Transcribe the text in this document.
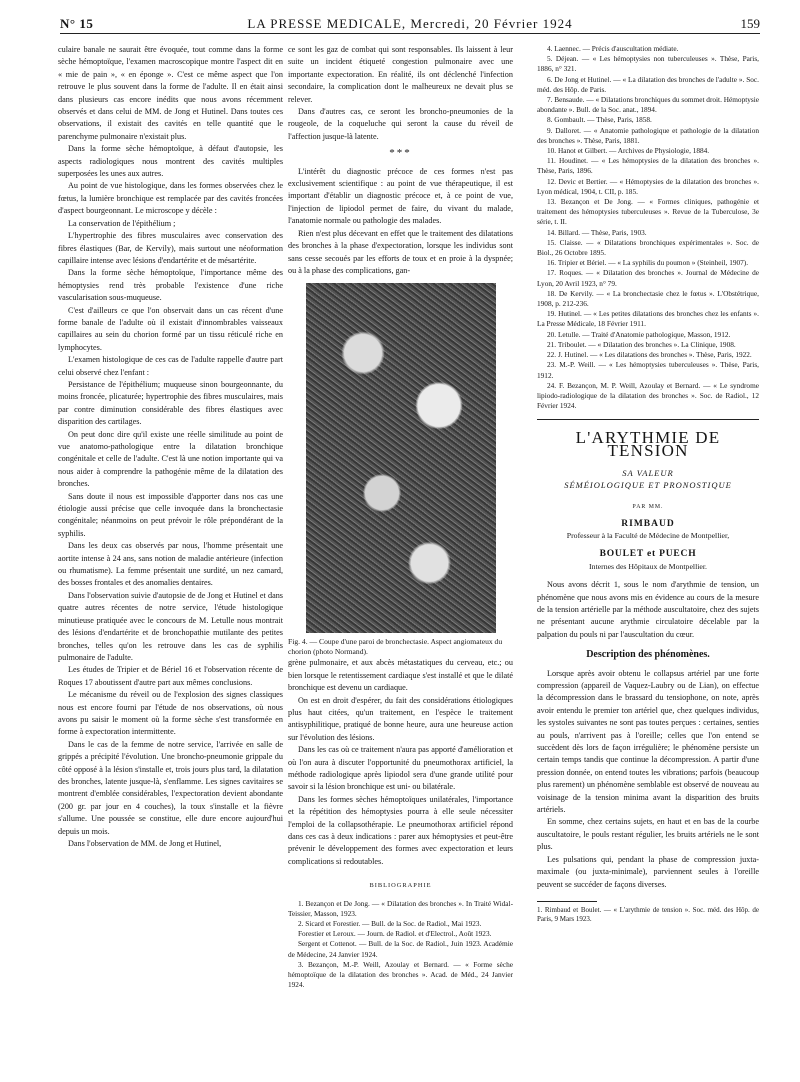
N° 15	LA PRESSE MEDICALE, Mercredi, 20 Février 1924	159

culaire banale ne saurait être évoquée, tout comme dans la forme sèche hémoptoïque, l'examen macroscopique montre l'aspect dit en « mie de pain », « en éponge ». C'est ce même aspect que l'on retrouve le plus souvent dans la forme de l'adulte. Il en était ainsi dans plusieurs cas encore inédits que nous avons récemment observés et dans celui de MM. de Jong et Hutinel. Dans toutes ces observations, il existait des cavités en telle quantité que le parenchyme pulmonaire n'existait plus.

Dans la forme sèche hémoptoïque, à défaut d'autopsie, les aspects radiologiques nous montrent des cavités multiples superposées les unes aux autres.

Au point de vue histologique, dans les formes observées chez le fœtus, la lumière bronchique est remplacée par des cavités froncées d'aspect bourgeonnant. Le microscope y décèle :

La conservation de l'épithélium ;

L'hypertrophie des fibres musculaires avec conservation des fibres élastiques (Bar, de Kervily), mais surtout une néoformation capillaire intense avec lésions d'endartérite et de mésartérite.

Dans la forme sèche hémoptoïque, l'importance même des hémoptysies rend très probable l'existence d'une riche vascularisation sous-muqueuse.

C'est d'ailleurs ce que l'on observait dans un cas récent d'une forme banale de l'adulte où il existait d'innombrables vaisseaux capillaires au sein du chorion formé par un tissu réticulé riche en lymphocytes.

L'examen histologique de ces cas de l'adulte rappelle d'autre part celui observé chez l'enfant :

Persistance de l'épithélium; muqueuse sinon bourgeonnante, du moins froncée, plicaturée; hypertrophie des fibres musculaires, mais par contre diminution considérable des fibres élastiques avec disparition des cartilages.

On peut donc dire qu'il existe une réelle similitude au point de vue anatomo-pathologique entre la dilatation bronchique congénitale et celle de l'adulte. C'est là une notion importante qui va nous aider à comprendre la pathogénie même de la dilatation des bronches.

Sans doute il nous est impossible d'apporter dans nos cas une étiologie aussi précise que celle invoquée dans la bronchectasie congénitale; néanmoins on peut prévoir le rôle prépondérant de la syphilis.

Dans les deux cas observés par nous, l'homme présentait une aortite intense à 24 ans, sans notion de maladie antérieure (infection ou rhumatisme). La femme présentait une surdité, un nez camard, des bosses frontales et des anomalies dentaires.

Dans l'observation suivie d'autopsie de de Jong et Hutinel et dans quatre autres récentes de notre service, l'étude histologique minutieuse pratiquée avec le concours de M. Letulle nous montrait des lésions d'endartérite et de bronchopathie mutilante des petites bronches, telles qu'on les retrouve dans les cas de syphilis pulmonaire de l'adulte.

Les études de Tripier et de Bériel 16 et l'observation récente de Roques 17 aboutissent d'autre part aux mêmes conclusions.

Le mécanisme du réveil ou de l'explosion des signes classiques nous est encore fourni par l'étude de nos observations, où nous avons pu saisir le moment où la forme sèche s'est transformée en forme à expectoration intermittente.

Dans le cas de la femme de notre service, l'arrivée en salle de grippés a précipité l'évolution. Une broncho-pneumonie grippale du côté opposé à la lésion s'installe et, trois jours plus tard, la dilatation des bronches, latente jusque-là, s'enflamme. Les signes cavitaires se montrent d'emblée considérables, l'expectoration devient abondante (200 gr. par jour en 4 couches), la toux s'installe et la fièvre s'allume. Une poussée se constitue, elle dure encore aujourd'hui depuis un mois.

Dans l'observation de MM. de Jong et Hutinel,

ce sont les gaz de combat qui sont responsables. Ils laissent à leur suite un incident étiqueté congestion pulmonaire avec une importante expectoration. En réalité, ils ont déclenché l'infection secondaire, la complication dont le malheureux ne devait plus se relever.

Dans d'autres cas, ce seront les broncho-pneumonies de la rougeole, de la coqueluche qui seront la cause du réveil de l'affection jusque-là latente.

***

L'intérêt du diagnostic précoce de ces formes n'est pas exclusivement scientifique : au point de vue thérapeutique, il est important d'établir un diagnostic précoce et, à ce point de vue, l'injection de lipiodol permet de faire, du vivant du malade, l'anatomie normale ou pathologie des malades.

Rien n'est plus décevant en effet que le traitement des dilatations des bronches à la phase d'expectoration, lorsque les individus sont sans cesse secoués par les efforts de toux et en proie à la dyspnée; ou à la phase des complications, gan-

Fig. 4. — Coupe d'une paroi de bronchectasie. Aspect angiomateux du chorion (photo Normand).

grène pulmonaire, et aux abcès métastatiques du cerveau, etc.; ou bien lorsque le retentissement cardiaque s'est installé et que le dilaté bronchique est devenu un cardiaque.

On est en droit d'espérer, du fait des considérations étiologiques plus haut citées, qu'un traitement, en l'espèce le traitement antisyphilitique, pratiqué de bonne heure, aura une heureuse action sur l'évolution des lésions.

Dans les cas où ce traitement n'aura pas apporté d'amélioration et où l'on aura à discuter l'opportunité du pneumothorax artificiel, la méthode radiologique après lipiodol sera d'une grande utilité pour savoir si la lésion bronchique est uni- ou bilatérale.

Dans les formes sèches hémoptoïques unilatérales, l'importance et la répétition des hémoptysies pourra à elle seule nécessiter l'emploi de la collapsothérapie. Le pneumothorax artificiel répond dans ces cas à deux indications : parer aux hémoptysies et peut-être prévenir le développement des formes avec expectoration et leurs complications si redoutables.

BIBLIOGRAPHIE
1. Bezançon et De Jong. — « Dilatation des bronches ». In Traité Widal-Teissier, Masson, 1923.
2. Sicard et Forestier. — Bull. de la Soc. de Radiol., Mai 1923.
Forestier et Leroux. — Journ. de Radiol. et d'Electrol., Août 1923.
Sergent et Cottenot. — Bull. de la Soc. de Radiol., Juin 1923. Académie de Médecine, 24 Janvier 1924.
3. Bezançon, M.-P. Weill, Azoulay et Bernard. — « Forme sèche hémoptoïque de la dilatation des bronches ». Acad. de Méd., 24 Janvier 1924.
4. Laennec. — Précis d'auscultation médiate.
5. Déjean. — « Les hémoptysies non tuberculeuses ». Thèse, Paris, 1886, n° 321.
6. De Jong et Hutinel. — « La dilatation des bronches de l'adulte ». Soc. méd. des Hôp. de Paris.
7. Bensaude. — « Dilatations bronchiques du sommet droit. Hémoptysie abondante ». Bull. de la Soc. anat., 1894.
8. Gombault. — Thèse, Paris, 1858.
9. Dalloret. — « Anatomie pathologique et pathologie de la dilatation des bronches ». Thèse, Paris, 1881.
10. Hanot et Gilbert. — Archives de Physiologie, 1884.
11. Houdinet. — « Les hémoptysies de la dilatation des bronches ». Thèse, Paris, 1896.
12. Devic et Bertier. — « Hémoptysies de la dilatation des bronches ». Lyon médical, 1904, t. CII, p. 185.
13. Bezançon et De Jong. — « Formes cliniques, pathogénie et traitement des hémoptysies tuberculeuses ». Revue de la Tuberculose, 3e série, t. II.
14. Billard. — Thèse, Paris, 1903.
15. Claisse. — « Dilatations bronchiques expérimentales ». Soc. de Biol., 26 Octobre 1895.
16. Tripier et Bériel. — « La syphilis du poumon » (Steinheil, 1907).
17. Roques. — « Dilatation des bronches ». Journal de Médecine de Lyon, 20 Avril 1923, n° 79.
18. De Kervily. — « La bronchectasie chez le fœtus ». L'Obstétrique, 1908, p. 212-236.
19. Hutinel. — « Les petites dilatations des bronches chez les enfants ». La Presse Médicale, 18 Février 1911.
20. Letulle. — Traité d'Anatomie pathologique, Masson, 1912.
21. Triboulet. — « Dilatation des bronches ». La Clinique, 1908.
22. J. Hutinel. — « Les dilatations des bronches ». Thèse, Paris, 1922.
23. M.-P. Weill. — « Les hémoptysies tuberculeuses ». Thèse, Paris, 1912.
24. F. Bezançon, M. P. Weill, Azoulay et Bernard. — « Le syndrome lipiodo-radiologique de la dilatation des bronches ». Soc. de Radiol., 12 Février 1924.
L'ARYTHMIE DE TENSION
SA VALEUR
SÉMÉIOLOGIQUE ET PRONOSTIQUE
PAR MM.
RIMBAUD
Professeur à la Faculté de Médecine de Montpellier,
BOULET et PUECH
Internes des Hôpitaux de Montpellier.

Nous avons décrit 1, sous le nom d'arythmie de tension, un phénomène que nous avons mis en évidence au cours de la mesure de la tension artérielle par la méthode auscultatoire, chez des sujets ne présentant aucune arythmie circulatoire décelable par la palpation du pouls ni par l'auscultation du cœur.

Description des phénomènes.

Lorsque après avoir obtenu le collapsus artériel par une forte compression (appareil de Vaquez-Laubry ou de Lian), on effectue la décompression dans le brassard du tensiophone, on note, après avoir entendu le premier ton artériel que, chez quelques individus, les systoles suivantes ne sont pas toutes perçues : certaines, senties au pouls, n'arrivent pas à l'oreille; celles que l'on entend se succèdent dès lors de façon irrégulière; le phénomène persiste un certain temps tandis que continue la décompression. A partir d'une pression donnée, on entend toutes les vibrations; parfois (beaucoup plus rarement) un phénomène semblable est observé de nouveau au voisinage de la tension minima avant la disparition des bruits artériels.

En somme, chez certains sujets, en haut et en bas de la courbe auscultatoire, le pouls restant régulier, les bruits artériels ne le sont plus.

Les pulsations qui, pendant la phase de compression juxta-maximale (ou juxta-minimale), parviennent seules à l'oreille peuvent se succéder de façons diverses.

1. Rimbaud et Boulet. — « L'arythmie de tension ». Soc. méd. des Hôp. de Paris, 9 Mars 1923.
